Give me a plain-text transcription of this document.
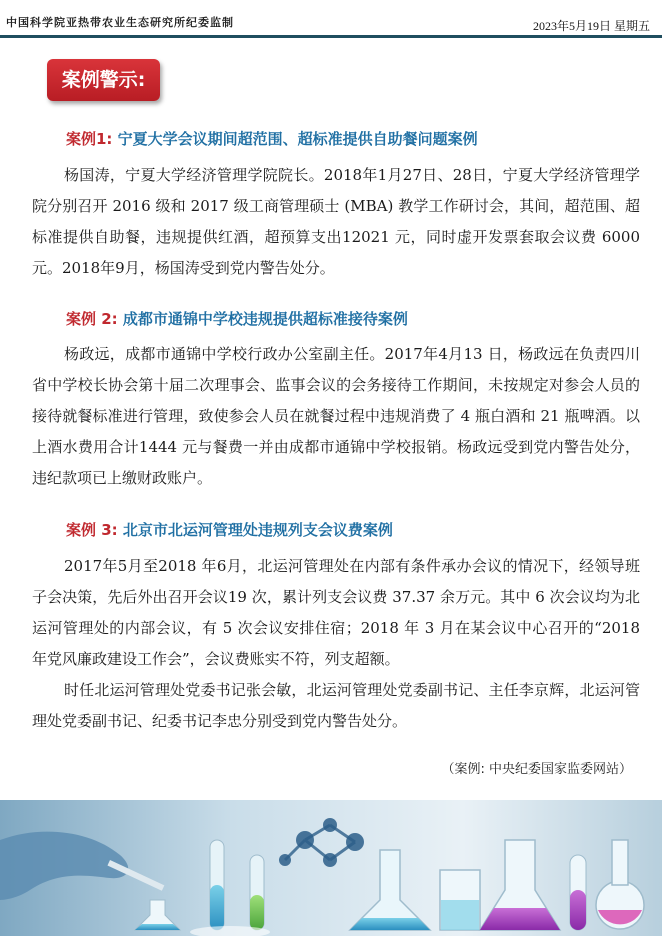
中国科学院亚热带农业生态研究所纪委监制	2023年5月19日 星期五
案例警示:
案例1: 宁夏大学会议期间超范围、超标准提供自助餐问题案例

杨国涛，宁夏大学经济管理学院院长。2018年1月27日、28日，宁夏大学经济管理学院分别召开 2016 级和 2017 级工商管理硕士 (MBA) 教学工作研讨会，其间，超范围、超标准提供自助餐，违规提供红酒，超预算支出12021 元，同时虚开发票套取会议费 6000 元。2018年9月，杨国涛受到党内警告处分。

案例 2: 成都市通锦中学校违规提供超标准接待案例

杨政远，成都市通锦中学校行政办公室副主任。2017年4月13 日，杨政远在负责四川省中学校长协会第十届二次理事会、监事会议的会务接待工作期间，未按规定对参会人员的接待就餐标准进行管理，致使参会人员在就餐过程中违规消费了 4 瓶白酒和 21 瓶啤酒。以上酒水费用合计1444 元与餐费一并由成都市通锦中学校报销。杨政远受到党内警告处分，违纪款项已上缴财政账户。

案例 3: 北京市北运河管理处违规列支会议费案例

2017年5月至2018 年6月，北运河管理处在内部有条件承办会议的情况下，经领导班子会决策，先后外出召开会议19 次，累计列支会议费 37.37 余万元。其中 6 次会议均为北运河管理处的内部会议，有 5 次会议安排住宿；2018 年 3 月在某会议中心召开的“2018 年党风廉政建设工作会”，会议费账实不符，列支超额。

时任北运河管理处党委书记张会敏，北运河管理处党委副书记、主任李京辉，北运河管理处党委副书记、纪委书记李忠分别受到党内警告处分。

（案例: 中央纪委国家监委网站）
